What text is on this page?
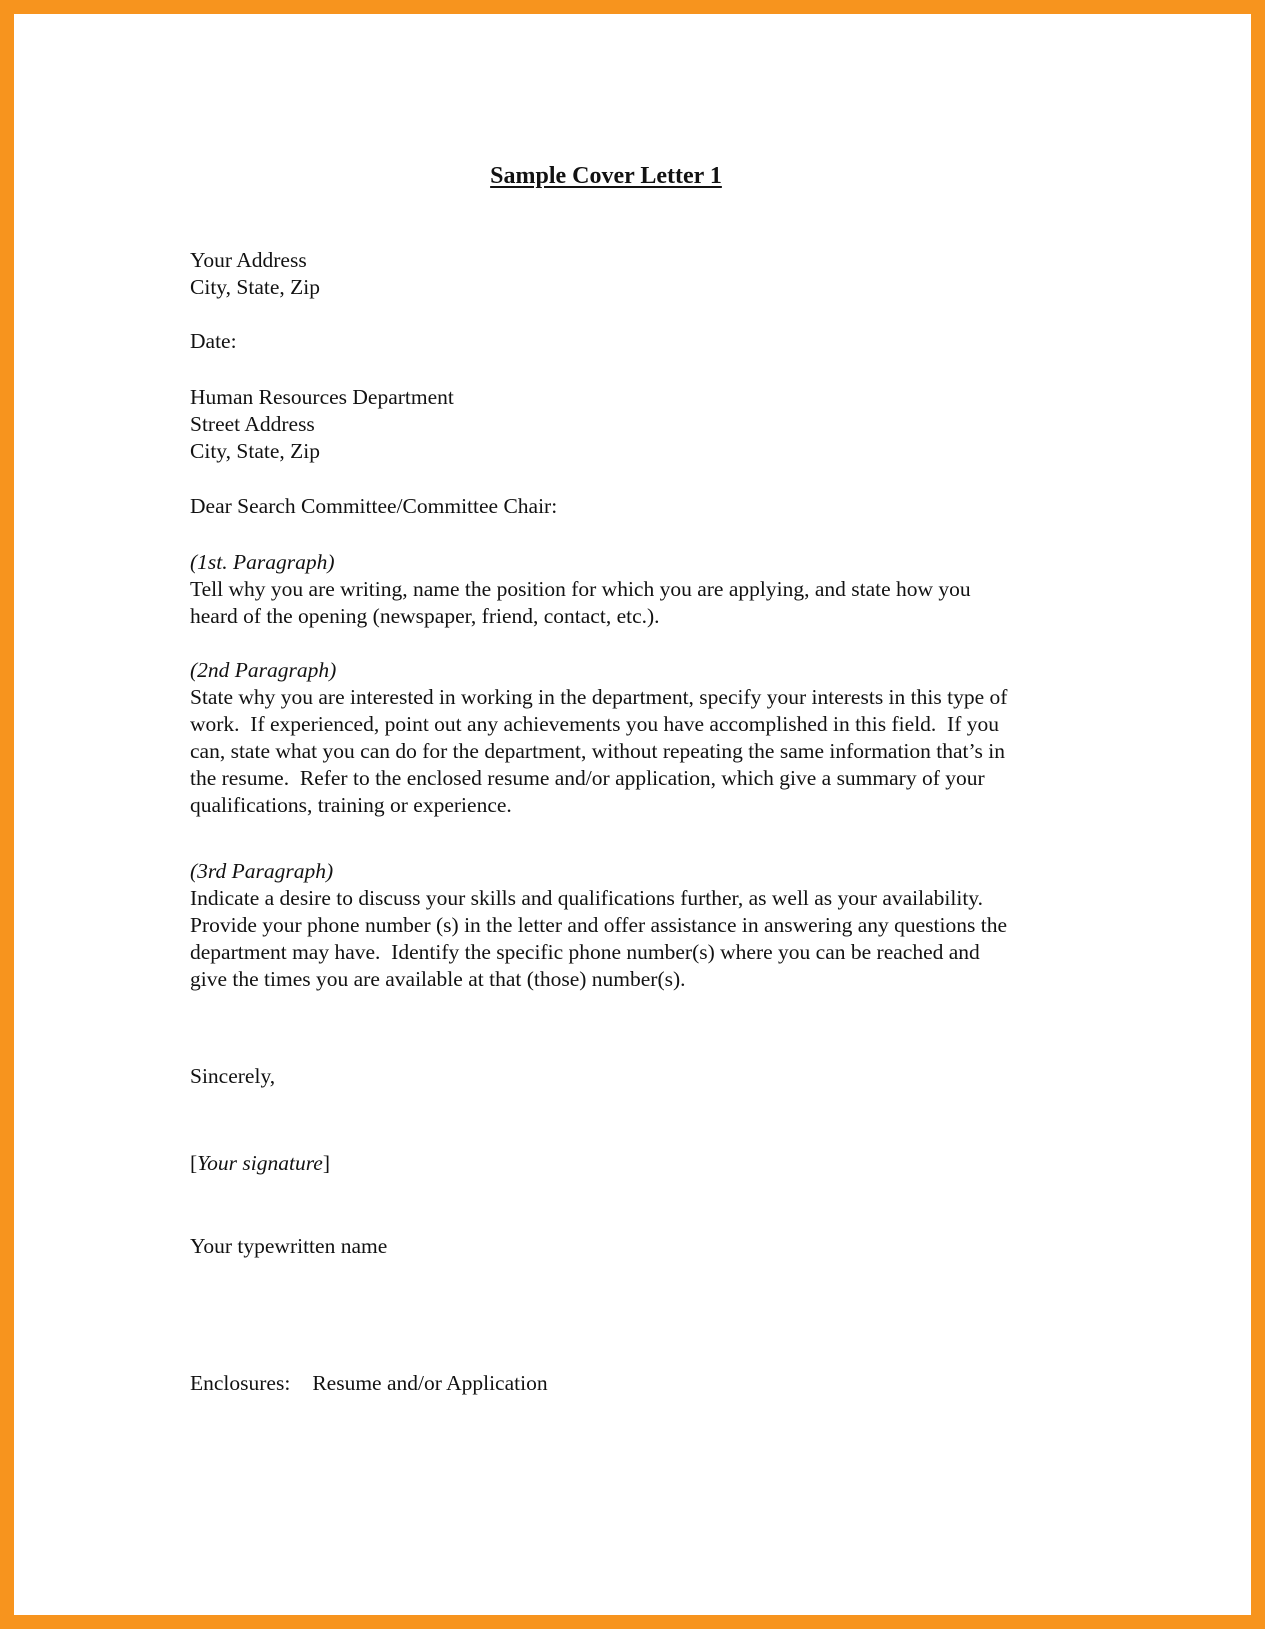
Sample Cover Letter 1
Your Address
City, State, Zip
Date:
Human Resources Department
Street Address
City, State, Zip
Dear Search Committee/Committee Chair:
(1st. Paragraph)
Tell why you are writing, name the position for which you are applying, and state how you heard of the opening (newspaper, friend, contact, etc.).
(2nd Paragraph)
State why you are interested in working in the department, specify your interests in this type of work.  If experienced, point out any achievements you have accomplished in this field.  If you can, state what you can do for the department, without repeating the same information that’s in the resume.  Refer to the enclosed resume and/or application, which give a summary of your qualifications, training or experience.
(3rd Paragraph)
Indicate a desire to discuss your skills and qualifications further, as well as your availability.  Provide your phone number (s) in the letter and offer assistance in answering any questions the department may have.  Identify the specific phone number(s) where you can be reached and give the times you are available at that (those) number(s).
Sincerely,
[Your signature]
Your typewritten name
Enclosures: Resume and/or Application
